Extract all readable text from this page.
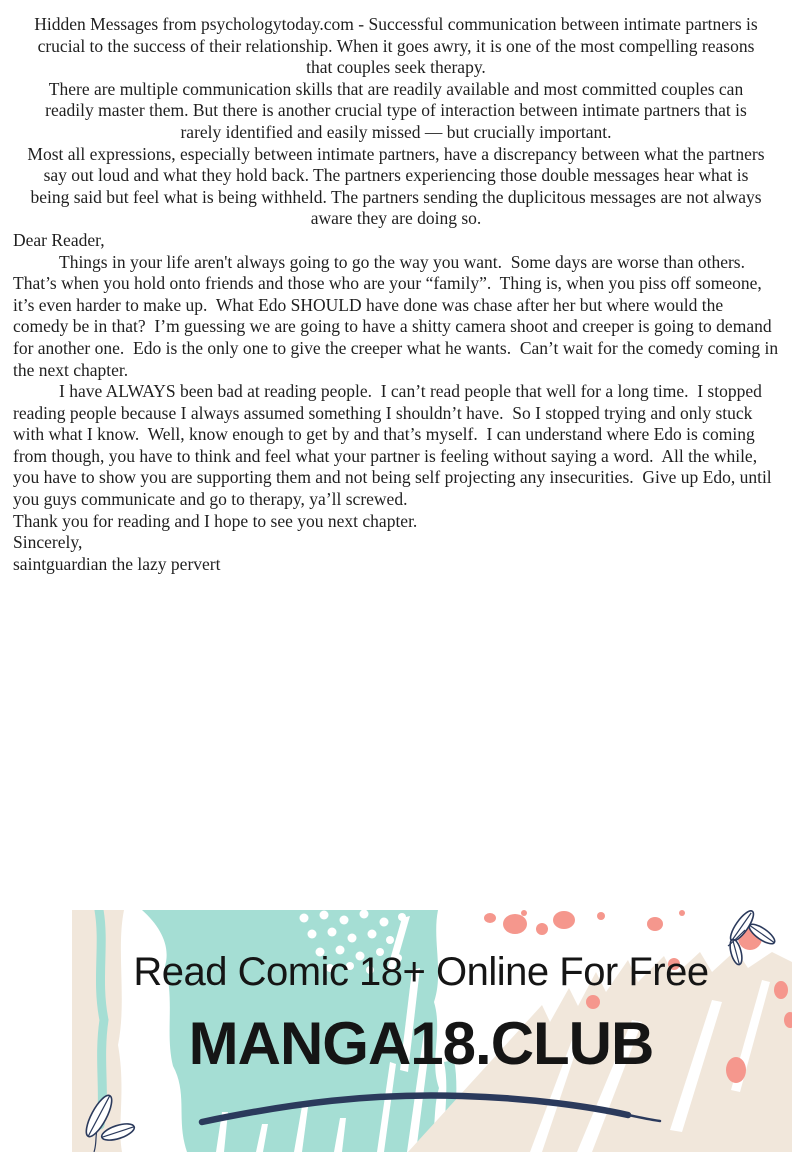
Hidden Messages from psychologytoday.com - Successful communication between intimate partners is crucial to the success of their relationship. When it goes awry, it is one of the most compelling reasons that couples seek therapy.

There are multiple communication skills that are readily available and most committed couples can readily master them. But there is another crucial type of interaction between intimate partners that is rarely identified and easily missed — but crucially important.

Most all expressions, especially between intimate partners, have a discrepancy between what the partners say out loud and what they hold back. The partners experiencing those double messages hear what is being said but feel what is being withheld. The partners sending the duplicitous messages are not always aware they are doing so.

Dear Reader,

Things in your life aren't always going to go the way you want.  Some days are worse than others.  That’s when you hold onto friends and those who are your “family”.  Thing is, when you piss off someone, it’s even harder to make up.  What Edo SHOULD have done was chase after her but where would the comedy be in that?  I’m guessing we are going to have a shitty camera shoot and creeper is going to demand for another one.  Edo is the only one to give the creeper what he wants.  Can’t wait for the comedy coming in the next chapter.

I have ALWAYS been bad at reading people.  I can’t read people that well for a long time.  I stopped reading people because I always assumed something I shouldn’t have.  So I stopped trying and only stuck with what I know.  Well, know enough to get by and that’s myself.  I can understand where Edo is coming from though, you have to think and feel what your partner is feeling without saying a word.  All the while, you have to show you are supporting them and not being self projecting any insecurities.  Give up Edo, until you guys communicate and go to therapy, ya’ll screwed.

Thank you for reading and I hope to see you next chapter.

Sincerely,

saintguardian the lazy pervert

Read Comic 18+ Online For Free
MANGA18.CLUB
